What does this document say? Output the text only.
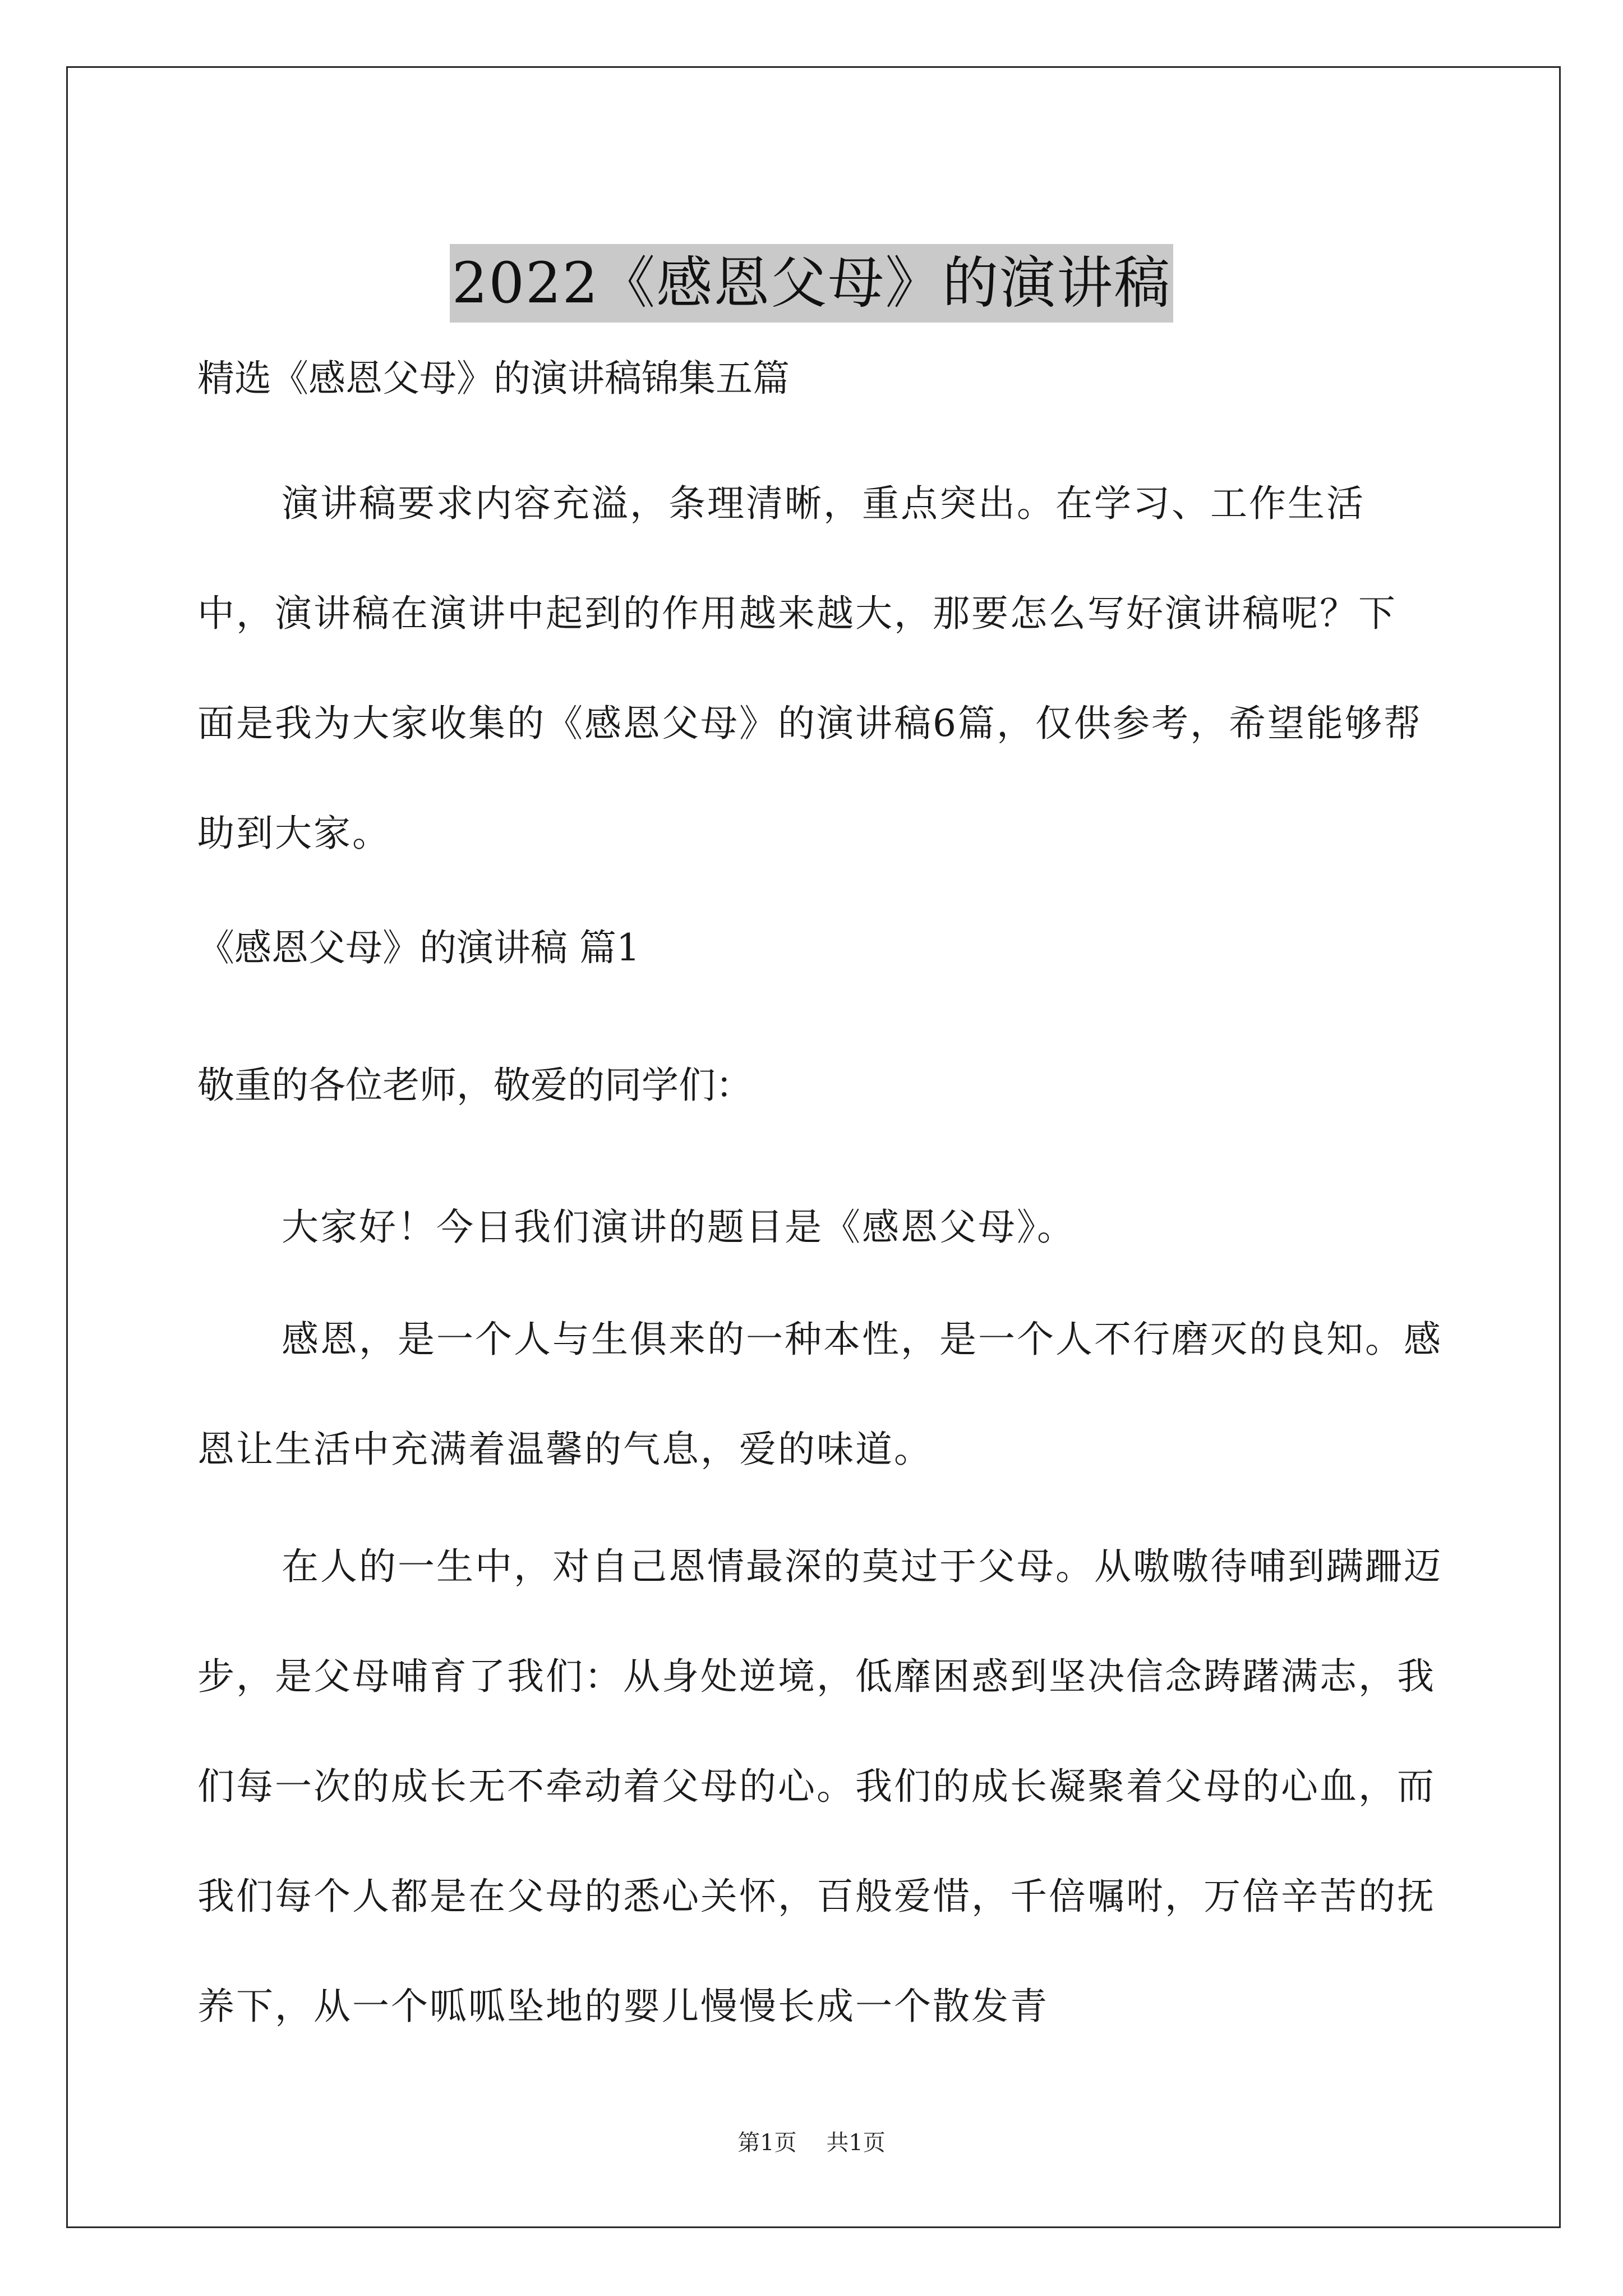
2022《感恩父母》的演讲稿
精选《感恩父母》的演讲稿锦集五篇

演讲稿要求内容充溢，条理清晰，重点突出。在学习、工作生活中，演讲稿在演讲中起到的作用越来越大，那要怎么写好演讲稿呢？下面是我为大家收集的《感恩父母》的演讲稿6篇，仅供参考，希望能够帮助到大家。

《感恩父母》的演讲稿 篇1
敬重的各位老师，敬爱的同学们：

大家好！今日我们演讲的题目是《感恩父母》。

感恩，是一个人与生俱来的一种本性，是一个人不行磨灭的良知。感恩让生活中充满着温馨的气息，爱的味道。

在人的一生中，对自己恩情最深的莫过于父母。从嗷嗷待哺到蹒跚迈步，是父母哺育了我们：从身处逆境，低靡困惑到坚决信念踌躇满志，我们每一次的成长无不牵动着父母的心。我们的成长凝聚着父母的心血，而我们每个人都是在父母的悉心关怀，百般爱惜，千倍嘱咐，万倍辛苦的抚养下，从一个呱呱坠地的婴儿慢慢长成一个散发青

第1页 共1页
